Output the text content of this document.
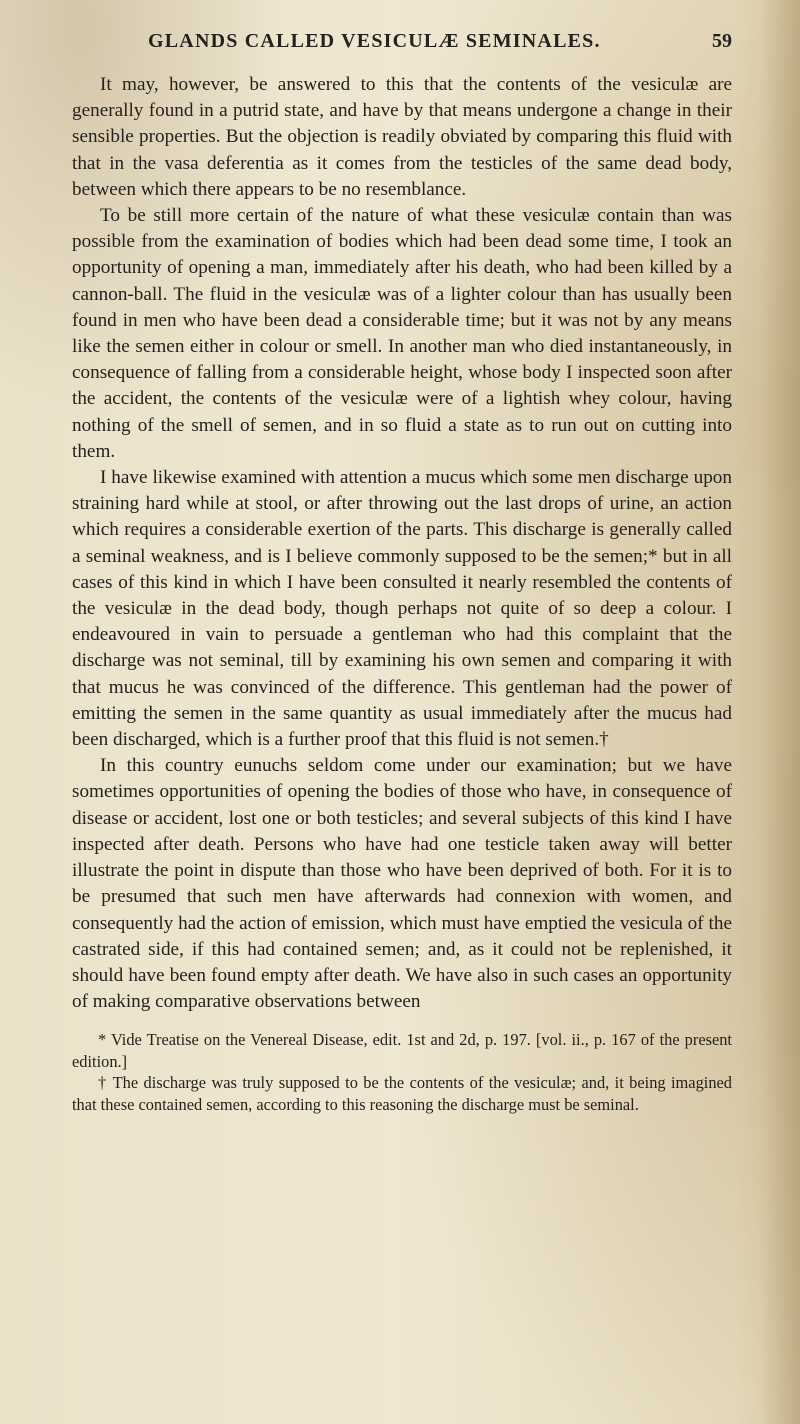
GLANDS CALLED VESICULÆ SEMINALES.	59

It may, however, be answered to this that the contents of the vesiculæ are generally found in a putrid state, and have by that means undergone a change in their sensible properties. But the objection is readily obviated by comparing this fluid with that in the vasa deferentia as it comes from the testicles of the same dead body, between which there appears to be no resemblance.

To be still more certain of the nature of what these vesiculæ contain than was possible from the examination of bodies which had been dead some time, I took an opportunity of opening a man, immediately after his death, who had been killed by a cannon-ball. The fluid in the vesiculæ was of a lighter colour than has usually been found in men who have been dead a considerable time; but it was not by any means like the semen either in colour or smell. In another man who died instantaneously, in consequence of falling from a considerable height, whose body I inspected soon after the accident, the contents of the vesiculæ were of a lightish whey colour, having nothing of the smell of semen, and in so fluid a state as to run out on cutting into them.

I have likewise examined with attention a mucus which some men discharge upon straining hard while at stool, or after throwing out the last drops of urine, an action which requires a considerable exertion of the parts. This discharge is generally called a seminal weakness, and is I believe commonly supposed to be the semen;* but in all cases of this kind in which I have been consulted it nearly resembled the contents of the vesiculæ in the dead body, though perhaps not quite of so deep a colour. I endeavoured in vain to persuade a gentleman who had this complaint that the discharge was not seminal, till by examining his own semen and comparing it with that mucus he was convinced of the difference. This gentleman had the power of emitting the semen in the same quantity as usual immediately after the mucus had been discharged, which is a further proof that this fluid is not semen.†

In this country eunuchs seldom come under our examination; but we have sometimes opportunities of opening the bodies of those who have, in consequence of disease or accident, lost one or both testicles; and several subjects of this kind I have inspected after death. Persons who have had one testicle taken away will better illustrate the point in dispute than those who have been deprived of both. For it is to be presumed that such men have afterwards had connexion with women, and consequently had the action of emission, which must have emptied the vesicula of the castrated side, if this had contained semen; and, as it could not be replenished, it should have been found empty after death. We have also in such cases an opportunity of making comparative observations between

* Vide Treatise on the Venereal Disease, edit. 1st and 2d, p. 197. [vol. ii., p. 167 of the present edition.]

† The discharge was truly supposed to be the contents of the vesiculæ; and, it being imagined that these contained semen, according to this reasoning the discharge must be seminal.
